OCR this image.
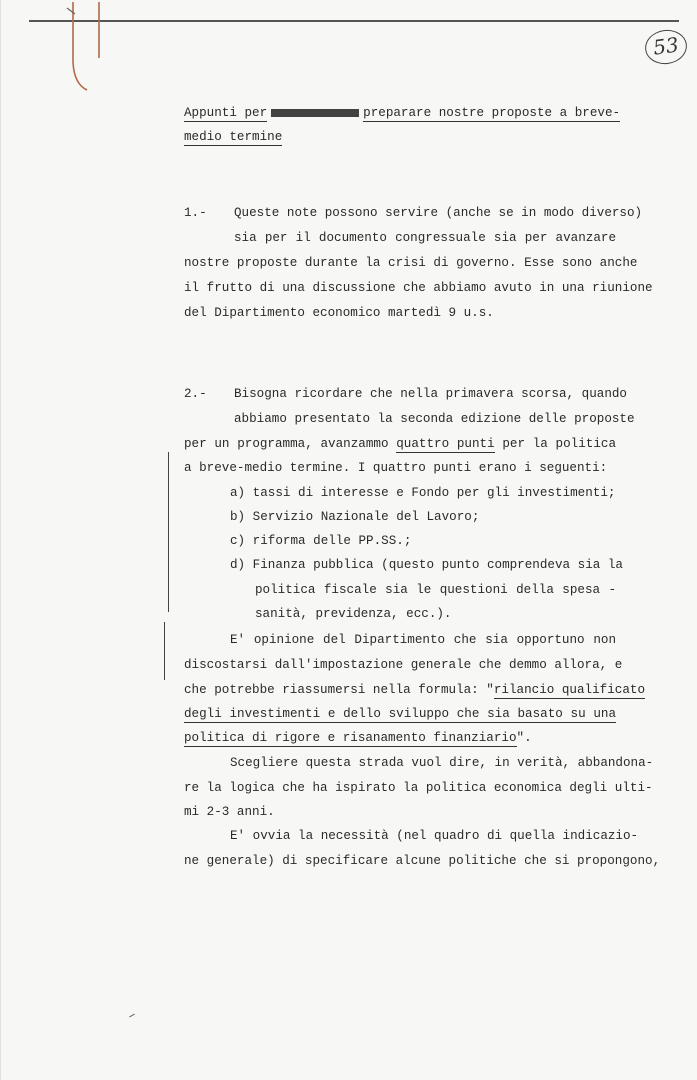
53
Appunti per	preparare nostre proposte a breve-
medio termine
1.-	Queste note possono servire (anche se in modo diverso)
sia per il documento congressuale sia per avanzare
nostre proposte durante la crisi di governo. Esse sono anche
il frutto di una discussione che abbiamo avuto in una riunione
del Dipartimento economico martedì 9 u.s.
2.-	Bisogna ricordare che nella primavera scorsa, quando
abbiamo presentato la seconda edizione delle proposte
per un programma, avanzammo quattro punti per la politica
a breve-medio termine. I quattro punti erano i seguenti:
a) tassi di interesse e Fondo per gli investimenti;
b) Servizio Nazionale del Lavoro;
c) riforma delle PP.SS.;
d) Finanza pubblica (questo punto comprendeva sia la
politica fiscale sia le questioni della spesa -
sanità, previdenza, ecc.).
E' opinione del Dipartimento che sia opportuno non
discostarsi dall'impostazione generale che demmo allora, e
che potrebbe riassumersi nella formula: "rilancio qualificato
degli investimenti e dello sviluppo che sia basato su una
politica di rigore e risanamento finanziario".
Scegliere questa strada vuol dire, in verità, abbandona-
re la logica che ha ispirato la politica economica degli ulti-
mi 2-3 anni.
E' ovvia la necessità (nel quadro di quella indicazio-
ne generale) di specificare alcune politiche che si propongono,
